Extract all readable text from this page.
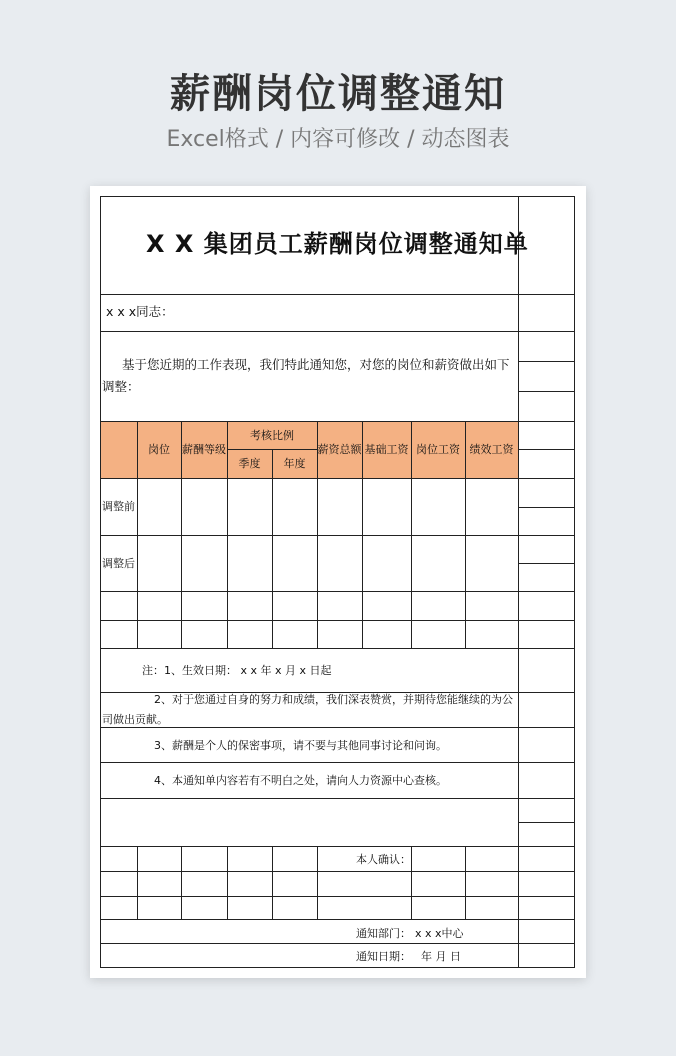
薪酬岗位调整通知
Excel格式 / 内容可修改 / 动态图表
X X 集团员工薪酬岗位调整通知单
x x x同志：
基于您近期的工作表现，我们特此通知您，对您的岗位和薪资做出如下调整：
岗位	薪酬等级
考核比例
季度	年度
薪资总额 基础工资 岗位工资 绩效工资
调整前
调整后
注：1、生效日期： x x 年 x 月 x 日起
2、对于您通过自身的努力和成绩，我们深表赞赏，并期待您能继续的为公司做出贡献。
3、薪酬是个人的保密事项，请不要与其他同事讨论和问询。
4、本通知单内容若有不明白之处，请向人力资源中心查核。
本人确认：
通知部门： x x x中心
通知日期： 年 月 日
